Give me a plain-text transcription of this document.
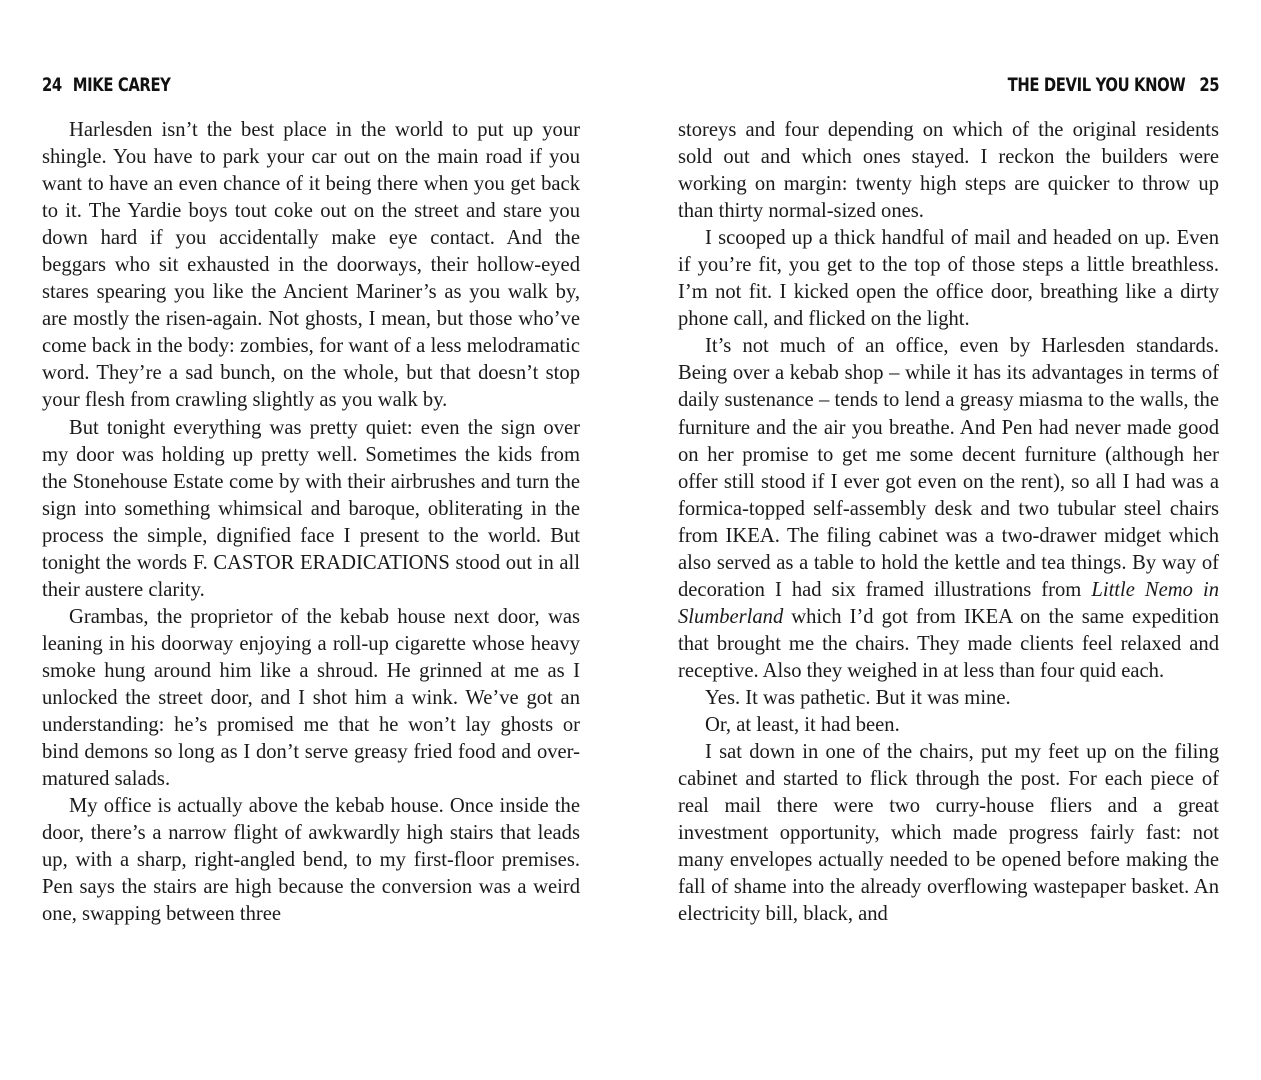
24 MIKE CAREY

Harlesden isn’t the best place in the world to put up your shingle. You have to park your car out on the main road if you want to have an even chance of it being there when you get back to it. The Yardie boys tout coke out on the street and stare you down hard if you accidentally make eye contact. And the beggars who sit exhausted in the doorways, their hollow-eyed stares spearing you like the Ancient Mariner’s as you walk by, are mostly the risen-again. Not ghosts, I mean, but those who’ve come back in the body: zombies, for want of a less melodramatic word. They’re a sad bunch, on the whole, but that doesn’t stop your flesh from crawling slightly as you walk by.

But tonight everything was pretty quiet: even the sign over my door was holding up pretty well. Sometimes the kids from the Stonehouse Estate come by with their airbrushes and turn the sign into something whimsical and baroque, obliterating in the process the simple, dignified face I present to the world. But tonight the words F. CASTOR ERADICATIONS stood out in all their austere clarity.

Grambas, the proprietor of the kebab house next door, was leaning in his doorway enjoying a roll-up cigarette whose heavy smoke hung around him like a shroud. He grinned at me as I unlocked the street door, and I shot him a wink. We’ve got an understanding: he’s promised me that he won’t lay ghosts or bind demons so long as I don’t serve greasy fried food and over-matured salads.

My office is actually above the kebab house. Once inside the door, there’s a narrow flight of awkwardly high stairs that leads up, with a sharp, right-angled bend, to my first-floor premises. Pen says the stairs are high because the conversion was a weird one, swapping between three

THE DEVIL YOU KNOW 25

storeys and four depending on which of the original residents sold out and which ones stayed. I reckon the builders were working on margin: twenty high steps are quicker to throw up than thirty normal-sized ones.

I scooped up a thick handful of mail and headed on up. Even if you’re fit, you get to the top of those steps a little breathless. I’m not fit. I kicked open the office door, breathing like a dirty phone call, and flicked on the light.

It’s not much of an office, even by Harlesden standards. Being over a kebab shop – while it has its advantages in terms of daily sustenance – tends to lend a greasy miasma to the walls, the furniture and the air you breathe. And Pen had never made good on her promise to get me some decent furniture (although her offer still stood if I ever got even on the rent), so all I had was a formica-topped self-assembly desk and two tubular steel chairs from IKEA. The filing cabinet was a two-drawer midget which also served as a table to hold the kettle and tea things. By way of decoration I had six framed illustrations from Little Nemo in Slumberland which I’d got from IKEA on the same expedition that brought me the chairs. They made clients feel relaxed and receptive. Also they weighed in at less than four quid each.

Yes. It was pathetic. But it was mine.

Or, at least, it had been.

I sat down in one of the chairs, put my feet up on the filing cabinet and started to flick through the post. For each piece of real mail there were two curry-house fliers and a great investment opportunity, which made progress fairly fast: not many envelopes actually needed to be opened before making the fall of shame into the already overflowing wastepaper basket. An electricity bill, black, and
